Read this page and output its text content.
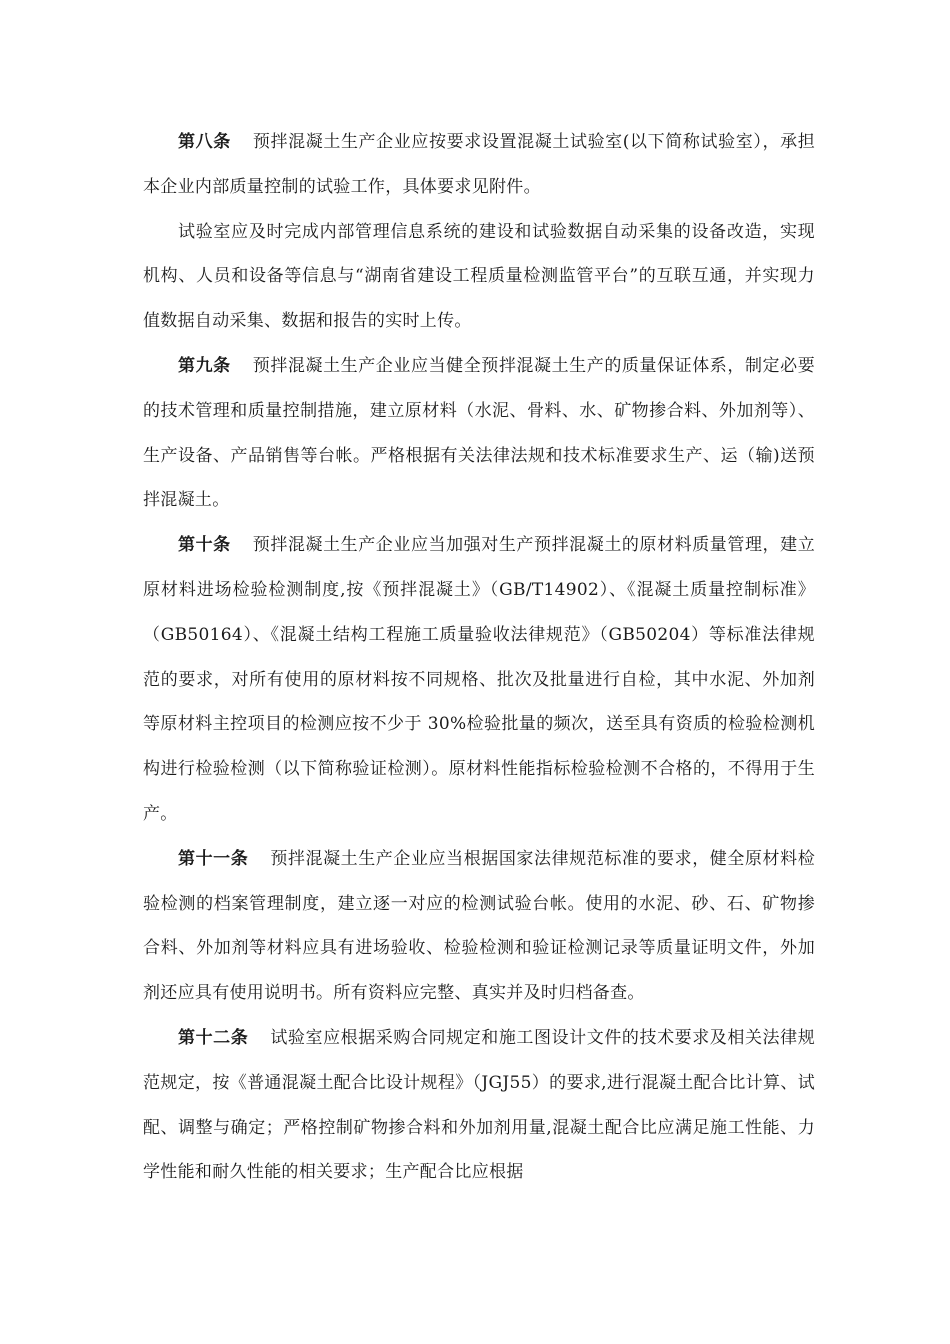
第八条 预拌混凝土生产企业应按要求设置混凝土试验室(以下简称试验室），承担本企业内部质量控制的试验工作，具体要求见附件。

试验室应及时完成内部管理信息系统的建设和试验数据自动采集的设备改造，实现机构、人员和设备等信息与“湖南省建设工程质量检测监管平台”的互联互通，并实现力值数据自动采集、数据和报告的实时上传。

第九条 预拌混凝土生产企业应当健全预拌混凝土生产的质量保证体系，制定必要的技术管理和质量控制措施，建立原材料（水泥、骨料、水、矿物掺合料、外加剂等）、生产设备、产品销售等台帐。严格根据有关法律法规和技术标准要求生产、运（输)送预拌混凝土。

第十条 预拌混凝土生产企业应当加强对生产预拌混凝土的原材料质量管理，建立原材料进场检验检测制度,按《预拌混凝土》（GB/T14902）、《混凝土质量控制标准》（GB50164）、《混凝土结构工程施工质量验收法律规范》（GB50204）等标准法律规范的要求，对所有使用的原材料按不同规格、批次及批量进行自检，其中水泥、外加剂等原材料主控项目的检测应按不少于 30%检验批量的频次，送至具有资质的检验检测机构进行检验检测（以下简称验证检测）。原材料性能指标检验检测不合格的，不得用于生产。

第十一条 预拌混凝土生产企业应当根据国家法律规范标准的要求，健全原材料检验检测的档案管理制度，建立逐一对应的检测试验台帐。使用的水泥、砂、石、矿物掺合料、外加剂等材料应具有进场验收、检验检测和验证检测记录等质量证明文件，外加剂还应具有使用说明书。所有资料应完整、真实并及时归档备查。

第十二条 试验室应根据采购合同规定和施工图设计文件的技术要求及相关法律规范规定，按《普通混凝土配合比设计规程》（JGJ55）的要求,进行混凝土配合比计算、试配、调整与确定；严格控制矿物掺合料和外加剂用量,混凝土配合比应满足施工性能、力学性能和耐久性能的相关要求；生产配合比应根据
